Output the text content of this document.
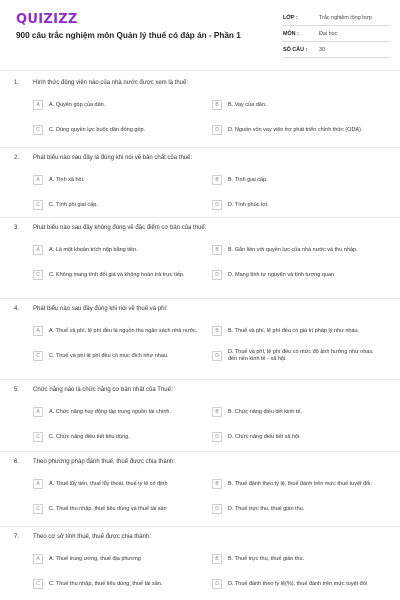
QUIZIZZ
900 câu trắc nghiệm môn Quản lý thuế có đáp án - Phần 1
LỚP :	Trắc nghiệm tổng hợp
MÔN :	Đại học
SỐ CÂU :	30
1. Hình thức động viên nào của nhà nước được xem là thuế:
A	A. Quyên góp của dân.	B	B. Vay của dân.
C	C. Dùng quyền lực buộc dân đóng góp.	D	D. Nguồn vốn vay viện trợ phát triển chính thức (ODA)
2. Phát biểu nào sau đây là đúng khi nói về bản chất của thuế:
A	A. Tính xã hội.	B	B. Tính giai cấp.
C	C. Tính phi giai cấp.	D	D. Tính phúc lợi.
3. Phát biểu nào sau đây không đúng về đặc điểm cơ bản của thuế:
A	A. Là một khoản trích nộp bằng tiền.	B	B. Gắn liền với quyền lực của nhà nước và thu nhập.
C	C. Không mang tính đối giá và không hoàn trả trực tiếp.	D	D. Mang tính tự nguyện và tính tương quan
4. Phát biểu nào sau đây đúng khi nói về thuế và phí:
A	A. Thuế và phí, lệ phí đều là nguồn thu ngân sách nhà nước.	B	B. Thuế và phí, lệ phí đều có giá trị pháp lý như nhau.
C	C. Thuế và phí lệ phí đều có mục đích như nhau.	D
D. Thuế và phí, lệ phí đều có mức độ ảnh hưởng như nhau đến nền kinh tế - xã hội.
5. Chức năng nào là chức năng cơ bản nhất của Thuế:
A	A. Chức năng huy động tập trung nguồn tài chính.	B	B. Chức năng điều tiết kinh tế.
C	C. Chức năng điều tiết tiêu dùng.	D	D. Chức năng điều tiết xã hội
6. Theo phương pháp đánh thuế, thuế được chia thành:
A	A. Thuế lũy tiến, thuế lũy thoái, thuế tỷ lệ cố định	B	B. Thuế đánh theo tỷ lệ, thuế đánh trên mức thuế tuyệt đối.
C	C. Thuế thu nhập, thuế tiêu dùng và thuế tài sản	D	D. Thuế trực thu, thuế gián thu.
7. Theo cơ sở tính thuế, thuế được chia thành:
A	A. Thuế trung ương, thuế địa phương	B	B. Thuế trực thu, thuế gián thu.
C	C. Thuế thu nhập, thuế tiêu dùng, thuế tài sản.	D	D. Thuế đánh theo tỷ lệ(%), thuế đánh trên mức tuyệt đối
